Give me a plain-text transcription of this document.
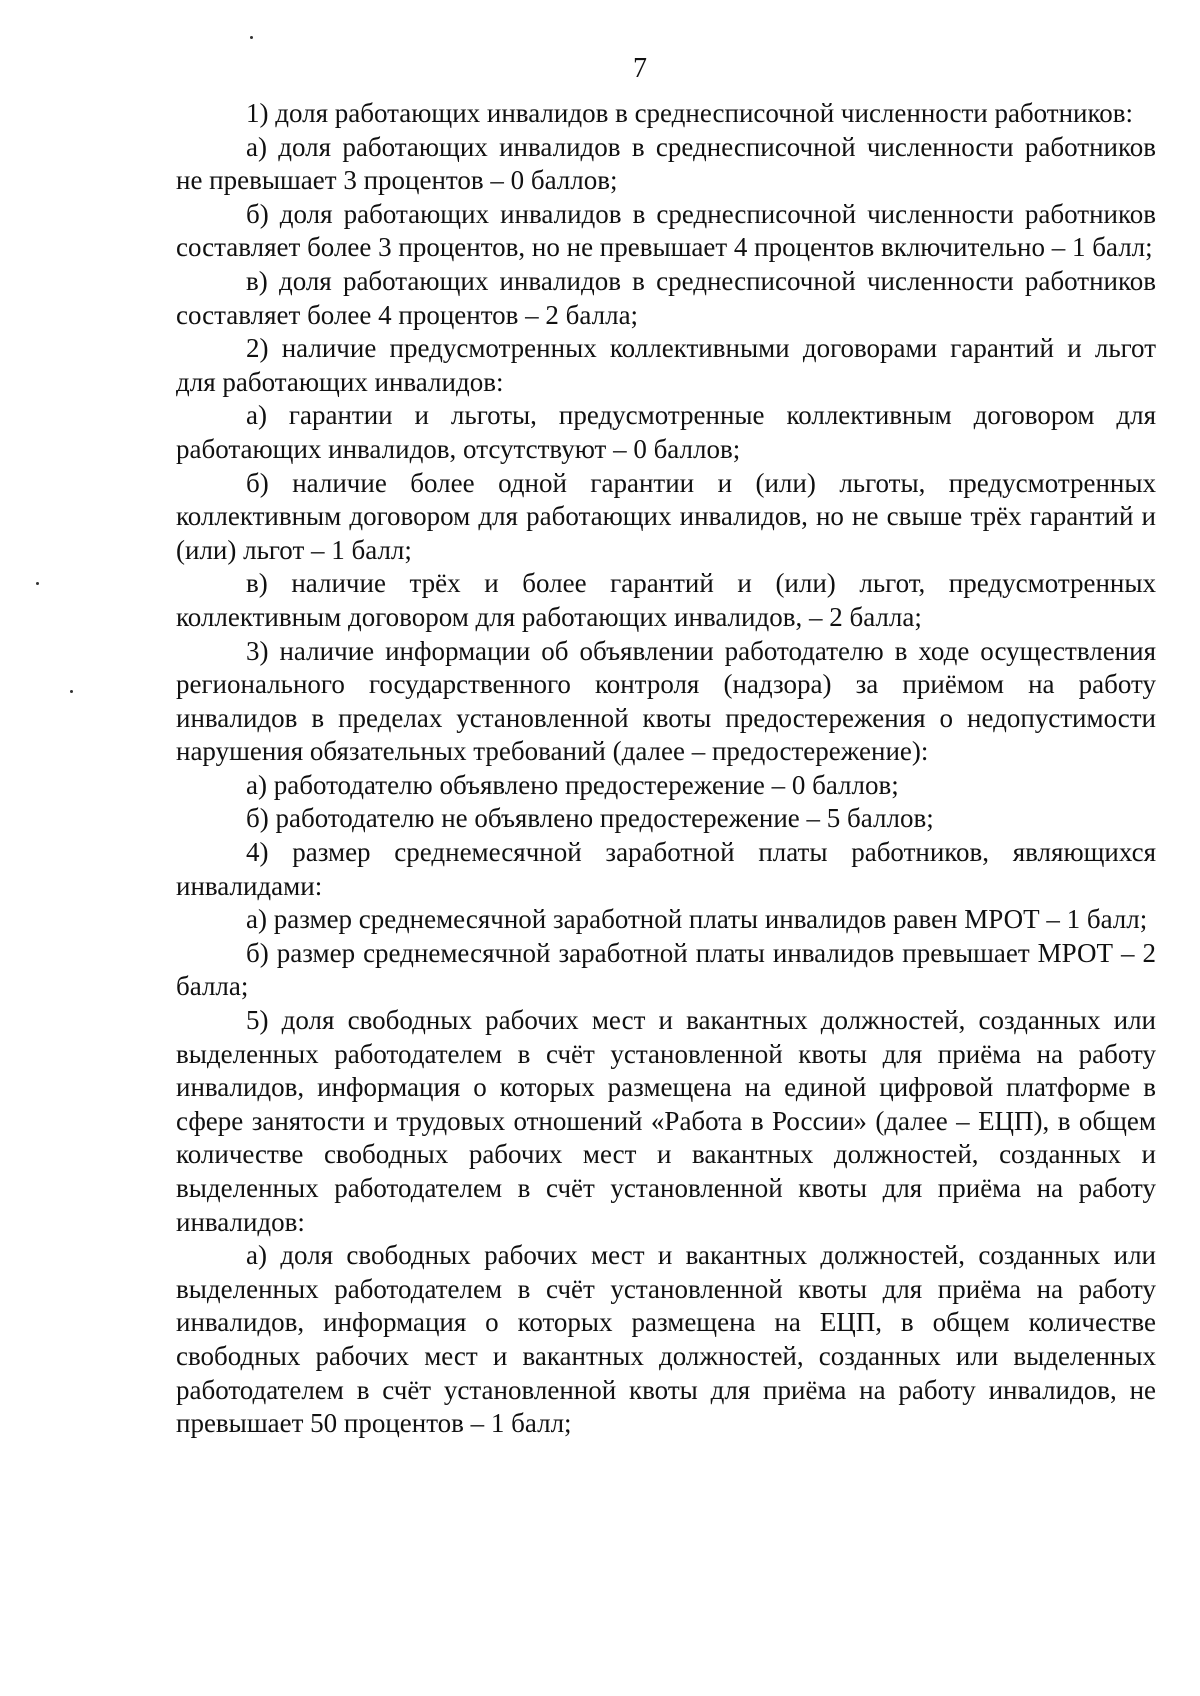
7

1) доля работающих инвалидов в среднесписочной численности работников:

а) доля работающих инвалидов в среднесписочной численности работников не превышает 3 процентов – 0 баллов;

б) доля работающих инвалидов в среднесписочной численности работников составляет более 3 процентов, но не превышает 4 процентов включительно – 1 балл;

в) доля работающих инвалидов в среднесписочной численности работников составляет более 4 процентов – 2 балла;

2) наличие предусмотренных коллективными договорами гарантий и льгот для работающих инвалидов:

а) гарантии и льготы, предусмотренные коллективным договором для работающих инвалидов, отсутствуют – 0 баллов;

б) наличие более одной гарантии и (или) льготы, предусмотренных коллективным договором для работающих инвалидов, но не свыше трёх гарантий и (или) льгот – 1 балл;

в) наличие трёх и более гарантий и (или) льгот, предусмотренных коллективным договором для работающих инвалидов, – 2 балла;

3) наличие информации об объявлении работодателю в ходе осуществления регионального государственного контроля (надзора) за приёмом на работу инвалидов в пределах установленной квоты предостережения о недопустимости нарушения обязательных требований (далее – предостережение):

а) работодателю объявлено предостережение – 0 баллов;

б) работодателю не объявлено предостережение – 5 баллов;

4) размер среднемесячной заработной платы работников, являющихся инвалидами:

а) размер среднемесячной заработной платы инвалидов равен МРОТ – 1 балл;

б) размер среднемесячной заработной платы инвалидов превышает МРОТ – 2 балла;

5) доля свободных рабочих мест и вакантных должностей, созданных или выделенных работодателем в счёт установленной квоты для приёма на работу инвалидов, информация о которых размещена на единой цифровой платформе в сфере занятости и трудовых отношений «Работа в России» (далее – ЕЦП), в общем количестве свободных рабочих мест и вакантных должностей, созданных и выделенных работодателем в счёт установленной квоты для приёма на работу инвалидов:

а) доля свободных рабочих мест и вакантных должностей, созданных или выделенных работодателем в счёт установленной квоты для приёма на работу инвалидов, информация о которых размещена на ЕЦП, в общем количестве свободных рабочих мест и вакантных должностей, созданных или выделенных работодателем в счёт установленной квоты для приёма на работу инвалидов, не превышает 50 процентов – 1 балл;
